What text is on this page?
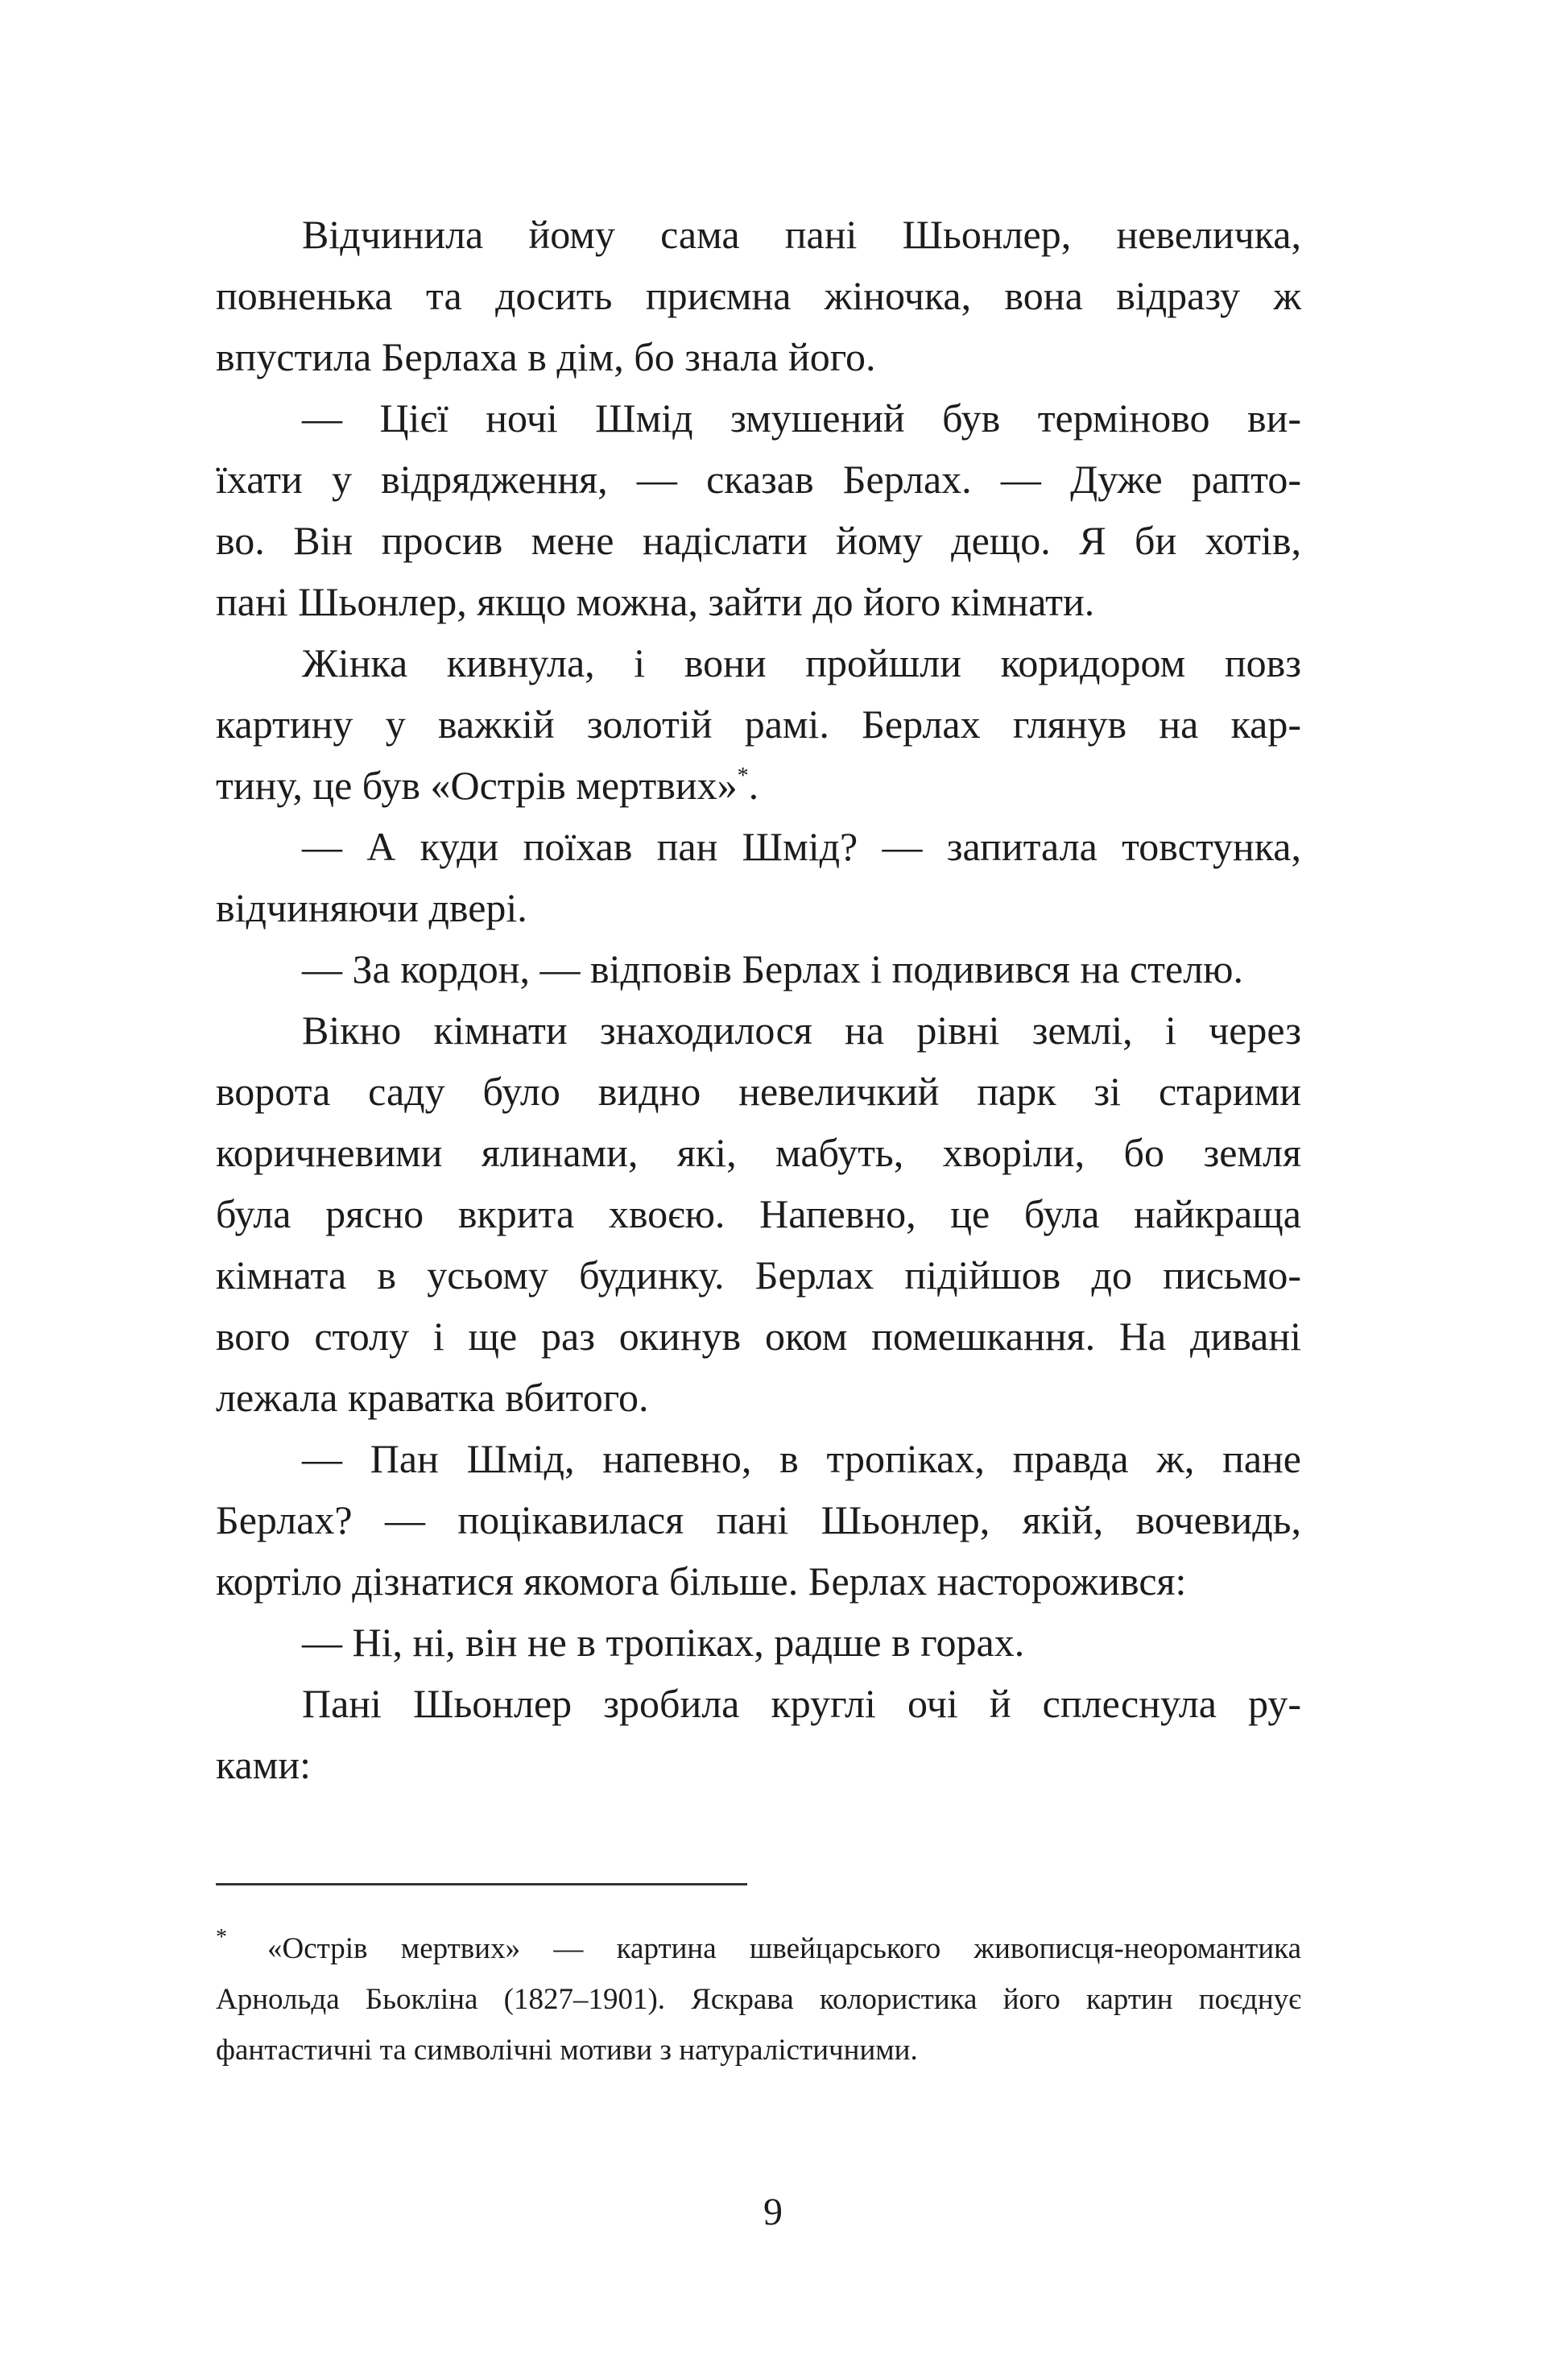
Відчинила йому сама пані Шьонлер, невеличка,
повненька та досить приємна жіночка, вона відразу ж
впустила Берлаха в дім, бо знала його.
— Цієї ночі Шмід змушений був терміново ви-
їхати у відрядження, — сказав Берлах. — Дуже рапто-
во. Він просив мене надіслати йому дещо. Я би хотів,
пані Шьонлер, якщо можна, зайти до його кімнати.
Жінка кивнула, і вони пройшли коридором повз
картину у важкій золотій рамі. Берлах глянув на кар-
тину, це був «Острів мертвих»*.
— А куди поїхав пан Шмід? — запитала товстунка,
відчиняючи двері.
— За кордон, — відповів Берлах і подивився на стелю.
Вікно кімнати знаходилося на рівні землі, і через
ворота саду було видно невеличкий парк зі старими
коричневими ялинами, які, мабуть, хворіли, бо земля
була рясно вкрита хвоєю. Напевно, це була найкраща
кімната в усьому будинку. Берлах підійшов до письмо-
вого столу і ще раз окинув оком помешкання. На дивані
лежала краватка вбитого.
— Пан Шмід, напевно, в тропіках, правда ж, пане
Берлах? — поцікавилася пані Шьонлер, якій, вочевидь,
кортіло дізнатися якомога більше. Берлах насторожився:
— Ні, ні, він не в тропіках, радше в горах.
Пані Шьонлер зробила круглі очі й сплеснула ру-
ками:
* «Острів мертвих» — картина швейцарського живописця-неоромантика
Арнольда Бьокліна (1827–1901). Яскрава колористика його картин поєднує
фантастичні та символічні мотиви з натуралістичними.
9
